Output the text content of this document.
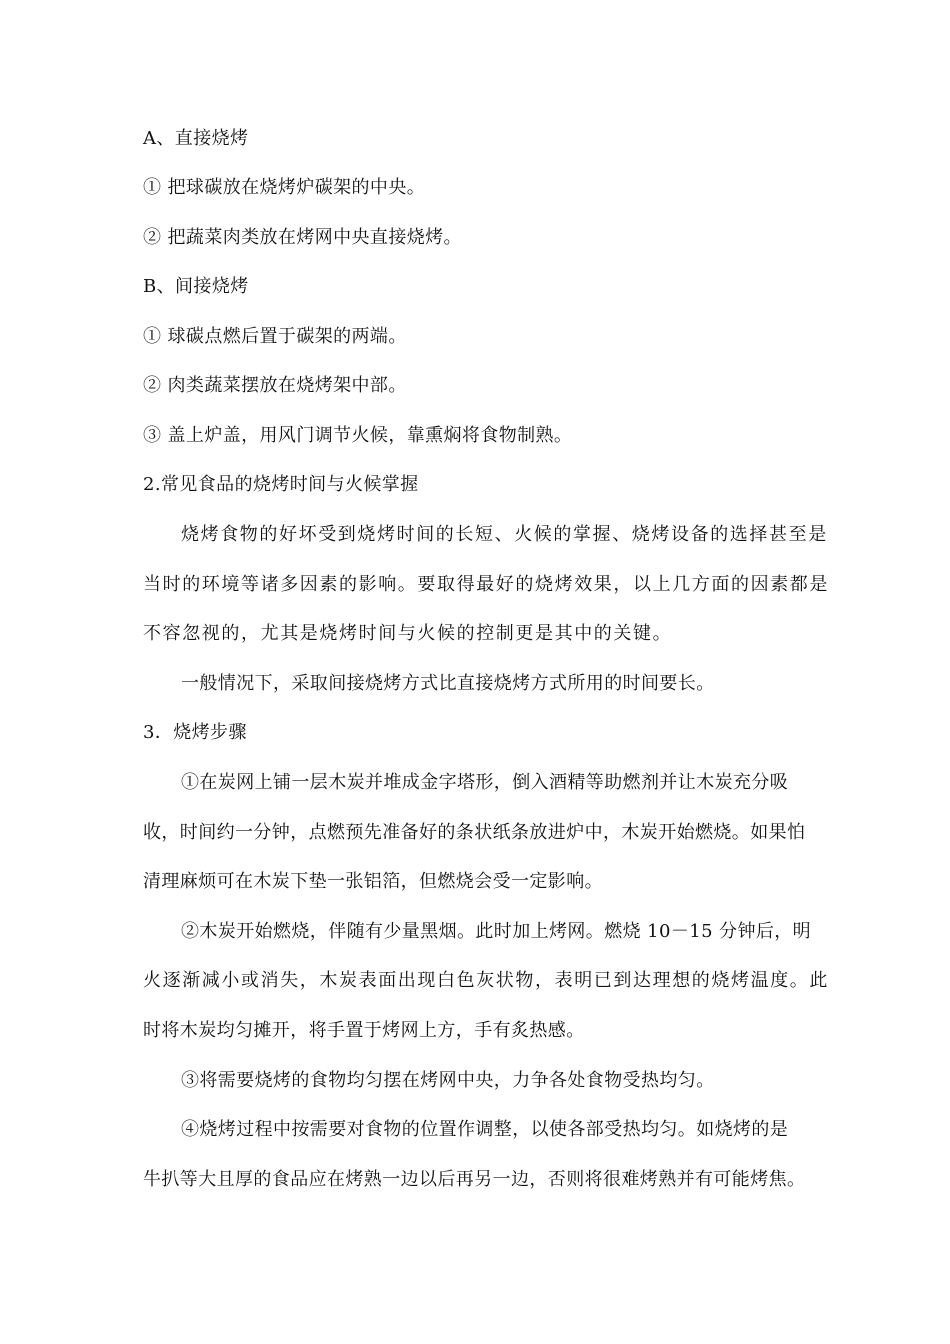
A、直接烧烤
① 把球碳放在烧烤炉碳架的中央。
② 把蔬菜肉类放在烤网中央直接烧烤。
B、间接烧烤
① 球碳点燃后置于碳架的两端。
② 肉类蔬菜摆放在烧烤架中部。
③ 盖上炉盖，用风门调节火候，靠熏焖将食物制熟。
2.常见食品的烧烤时间与火候掌握
烧烤食物的好坏受到烧烤时间的长短、火候的掌握、烧烤设备的选择甚至是
当时的环境等诸多因素的影响。要取得最好的烧烤效果，以上几方面的因素都是
不容忽视的，尤其是烧烤时间与火候的控制更是其中的关键。
一般情况下，采取间接烧烤方式比直接烧烤方式所用的时间要长。
3．烧烤步骤
①在炭网上铺一层木炭并堆成金字塔形，倒入酒精等助燃剂并让木炭充分吸
收，时间约一分钟，点燃预先准备好的条状纸条放进炉中，木炭开始燃烧。如果怕
清理麻烦可在木炭下垫一张铝箔，但燃烧会受一定影响。
②木炭开始燃烧，伴随有少量黑烟。此时加上烤网。燃烧 10－15 分钟后，明
火逐渐减小或消失，木炭表面出现白色灰状物，表明已到达理想的烧烤温度。此
时将木炭均匀摊开，将手置于烤网上方，手有炙热感。
③将需要烧烤的食物均匀摆在烤网中央，力争各处食物受热均匀。
④烧烤过程中按需要对食物的位置作调整，以使各部受热均匀。如烧烤的是
牛扒等大且厚的食品应在烤熟一边以后再另一边，否则将很难烤熟并有可能烤焦。
